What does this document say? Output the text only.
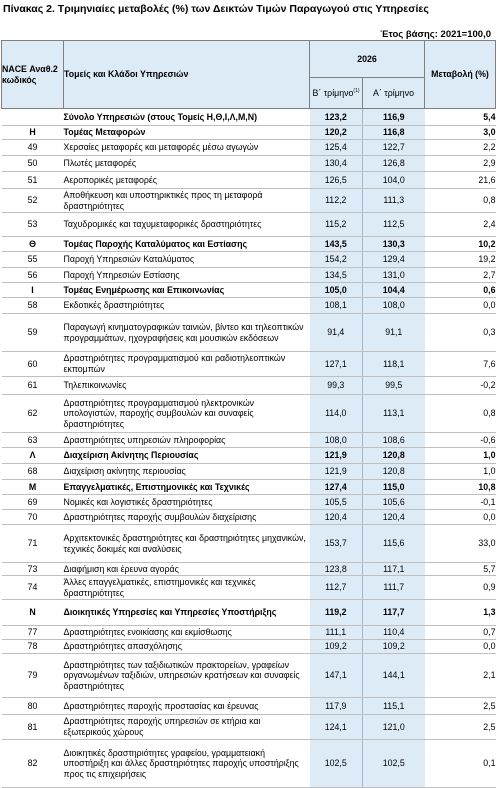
Πίνακας 2. Τριμηνιαίες μεταβολές (%) των Δεικτών Τιμών Παραγωγού στις Υπηρεσίες
Έτος βάσης: 2021=100,0
NACE Αναθ.2 κωδικός	Τομείς και Κλάδοι Υπηρεσιών	2026		Μεταβολή (%)
		Β΄ τρίμηνο$^{(1)}$	Α΄ τρίμηνο	
	Σύνολο Υπηρεσιών (στους Τομείς Η,Θ,Ι,Λ,Μ,Ν)	123,2	116,9	5,4
H	Τομέας Μεταφορών	120,2	116,8	3,0
49	Χερσαίες μεταφορές και μεταφορές μέσω αγωγών	125,4	122,7	2,2
50	Πλωτές μεταφορές	130,4	126,8	2,9
51	Αεροπορικές μεταφορές	126,5	104,0	21,6
52	Αποθήκευση και υποστηρικτικές προς τη μεταφορά δραστηριότητες	112,2	111,3	0,8
53	Ταχυδρομικές και ταχυμεταφορικές δραστηριότητες	115,2	112,5	2,4
Θ	Τομέας Παροχής Καταλύματος και Εστίασης	143,5	130,3	10,2
55	Παροχή Υπηρεσιών Καταλύματος	154,2	129,4	19,2
56	Παροχή Υπηρεσιών Εστίασης	134,5	131,0	2,7
Ι	Τομέας Ενημέρωσης και Επικοινωνίας	105,0	104,4	0,6
58	Εκδοτικές δραστηριότητες	108,1	108,0	0,0
59	Παραγωγή κινηματογραφικών ταινιών, βίντεο και τηλεοπτικών προγραμμάτων, ηχογραφήσεις και μουσικών εκδόσεων	91,4	91,1	0,3
60	Δραστηριότητες προγραμματισμού και ραδιοτηλεοπτικών εκπομπών	127,1	118,1	7,6
61	Τηλεπικοινωνίες	99,3	99,5	-0,2
62	Δραστηριότητες προγραμματισμού ηλεκτρονικών υπολογιστών, παροχής συμβουλών και συναφείς δραστηριότητες	114,0	113,1	0,8
63	Δραστηριότητες υπηρεσιών πληροφορίας	108,0	108,6	-0,6
Λ	Διαχείριση Ακίνητης Περιουσίας	121,9	120,8	1,0
68	Διαχείριση ακίνητης περιουσίας	121,9	120,8	1,0
Μ	Επαγγελματικές, Επιστημονικές και Τεχνικές	127,4	115,0	10,8
69	Νομικές και λογιστικές δραστηριότητες	105,5	105,6	-0,1
70	Δραστηριότητες παροχής συμβουλών διαχείρισης	120,4	120,4	0,0
71	Αρχιτεκτονικές δραστηριότητες και δραστηριότητες μηχανικών, τεχνικές δοκιμές και αναλύσεις	153,7	115,6	33,0
73	Διαφήμιση και έρευνα αγοράς	123,8	117,1	5,7
74	Άλλες επαγγελματικές, επιστημονικές και τεχνικές δραστηριότητες	112,7	111,7	0,9
N	Διοικητικές Υπηρεσίες και Υπηρεσίες Υποστήριξης	119,2	117,7	1,3
77	Δραστηριότητες ενοικίασης και εκμίσθωσης	111,1	110,4	0,7
78	Δραστηριότητες απασχόλησης	109,2	109,2	0,0
79	Δραστηριότητες των ταξιδιωτικών πρακτορείων, γραφείων οργανωμένων ταξιδιών, υπηρεσιών κρατήσεων και συναφείς δραστηριότητες	147,1	144,1	2,1
80	Δραστηριότητες παροχής προστασίας και έρευνας	117,9	115,1	2,5
81	Δραστηριότητες παροχής υπηρεσιών σε κτήρια και εξωτερικούς χώρους	124,1	121,0	2,5
82	Διοικητικές δραστηριότητες γραφείου, γραμματειακή υποστήριξη και άλλες δραστηριότητες παροχής υποστήριξης προς τις επιχειρήσεις	102,5	102,5	0,1
